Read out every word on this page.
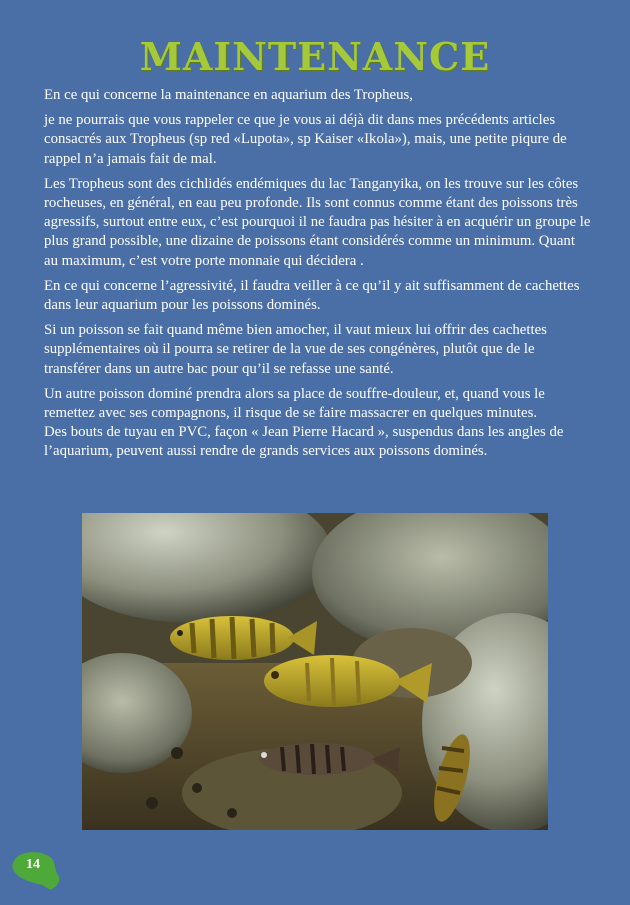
MAINTENANCE

En ce qui concerne la maintenance en aquarium des Tropheus,

je ne pourrais que vous rappeler ce que je vous ai déjà dit dans mes précédents articles consacrés aux Tropheus (sp red «Lupota», sp Kaiser «Ikola»), mais, une petite piqure de rappel n’a jamais fait de mal.

Les Tropheus sont des cichlidés endémiques du lac Tanganyika, on les trouve sur les côtes rocheuses, en général, en eau peu profonde. Ils sont connus comme étant des poissons très agressifs, surtout entre eux, c’est pourquoi il ne faudra pas hésiter à en acquérir un groupe le plus grand possible, une dizaine de poissons étant considérés comme un minimum. Quant au maximum, c’est votre porte monnaie qui décidera .

En ce qui concerne l’agressivité, il faudra veiller à ce qu’il y ait suffisamment de cachettes dans leur aquarium pour les poissons dominés.

Si un poisson se fait quand même bien amocher, il vaut mieux lui offrir des cachettes supplémentaires où il pourra se retirer de la vue de ses congénères, plutôt que de le transférer dans un autre bac pour qu’il se refasse une santé.

Un autre poisson dominé prendra alors sa place de souffre-douleur, et, quand vous le remettez avec ses compagnons, il risque de se faire massacrer en quelques minutes.

Des bouts de tuyau en PVC, façon « Jean Pierre Hacard », suspendus dans les angles de l’aquarium, peuvent aussi rendre de grands services aux poissons dominés.

14
